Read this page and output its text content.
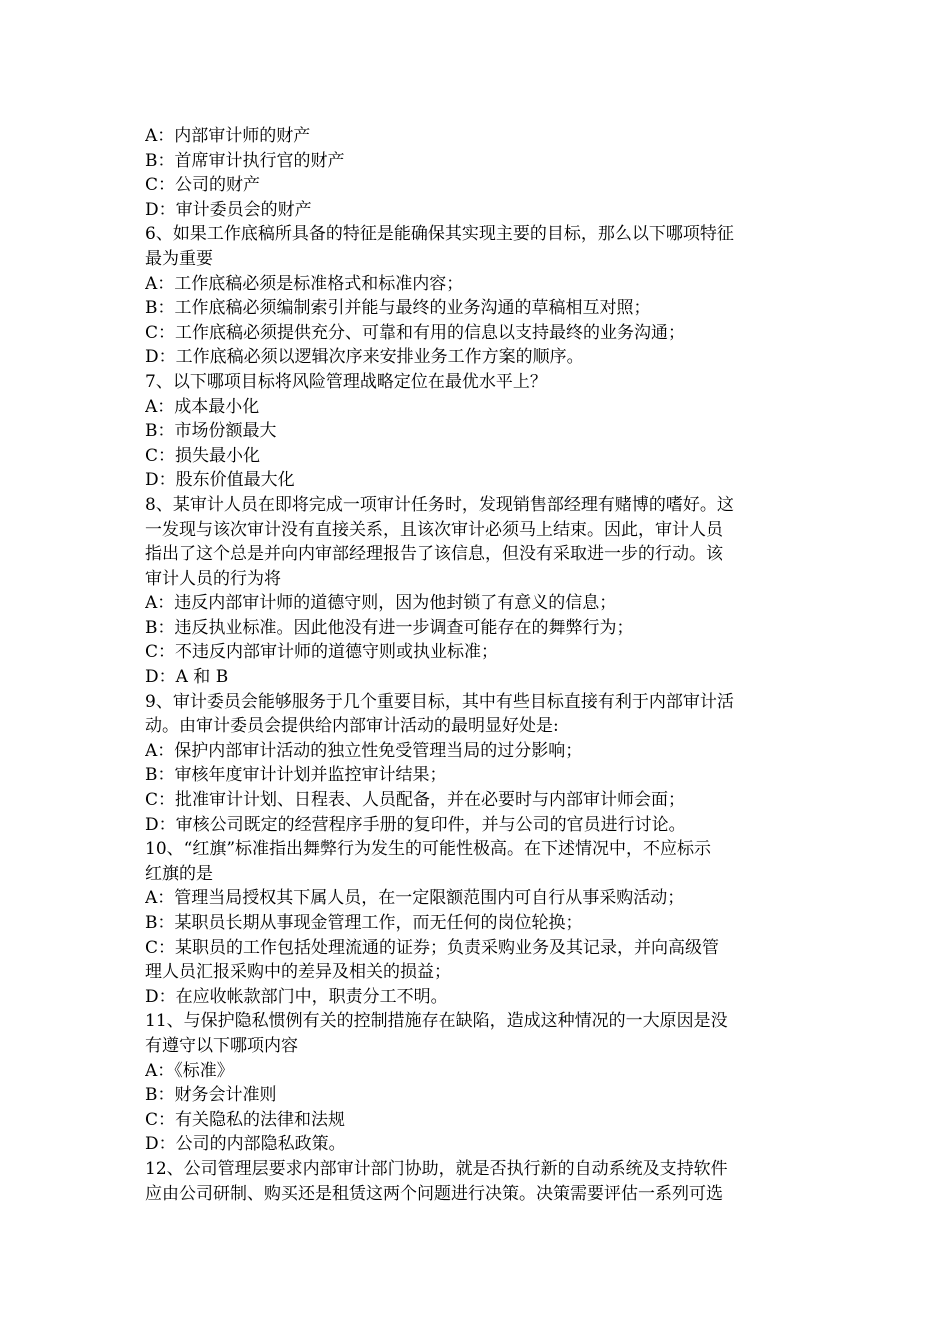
A：内部审计师的财产
B：首席审计执行官的财产
C：公司的财产
D：审计委员会的财产
6、如果工作底稿所具备的特征是能确保其实现主要的目标，那么以下哪项特征
最为重要
A：工作底稿必须是标准格式和标准内容；
B：工作底稿必须编制索引并能与最终的业务沟通的草稿相互对照；
C：工作底稿必须提供充分、可靠和有用的信息以支持最终的业务沟通；
D：工作底稿必须以逻辑次序来安排业务工作方案的顺序。
7、以下哪项目标将风险管理战略定位在最优水平上？
A：成本最小化
B：市场份额最大
C：损失最小化
D：股东价值最大化
8、某审计人员在即将完成一项审计任务时，发现销售部经理有赌博的嗜好。这
一发现与该次审计没有直接关系，且该次审计必须马上结束。因此，审计人员
指出了这个总是并向内审部经理报告了该信息，但没有采取进一步的行动。该
审计人员的行为将
A：违反内部审计师的道德守则，因为他封锁了有意义的信息；
B：违反执业标准。因此他没有进一步调查可能存在的舞弊行为；
C：不违反内部审计师的道德守则或执业标准；
D：A 和 B
9、审计委员会能够服务于几个重要目标，其中有些目标直接有利于内部审计活
动。由审计委员会提供给内部审计活动的最明显好处是:
A：保护内部审计活动的独立性免受管理当局的过分影响；
B：审核年度审计计划并监控审计结果；
C：批准审计计划、日程表、人员配备，并在必要时与内部审计师会面；
D：审核公司既定的经营程序手册的复印件，并与公司的官员进行讨论。
10、“红旗”标准指出舞弊行为发生的可能性极高。在下述情况中，不应标示
红旗的是
A：管理当局授权其下属人员，在一定限额范围内可自行从事采购活动；
B：某职员长期从事现金管理工作，而无任何的岗位轮换；
C：某职员的工作包括处理流通的证券；负责采购业务及其记录，并向高级管
理人员汇报采购中的差异及相关的损益；
D：在应收帐款部门中，职责分工不明。
11、与保护隐私惯例有关的控制措施存在缺陷，造成这种情况的一大原因是没
有遵守以下哪项内容
A：《标准》
B：财务会计准则
C：有关隐私的法律和法规
D：公司的内部隐私政策。
12、公司管理层要求内部审计部门协助，就是否执行新的自动系统及支持软件
应由公司研制、购买还是租赁这两个问题进行决策。决策需要评估一系列可选
